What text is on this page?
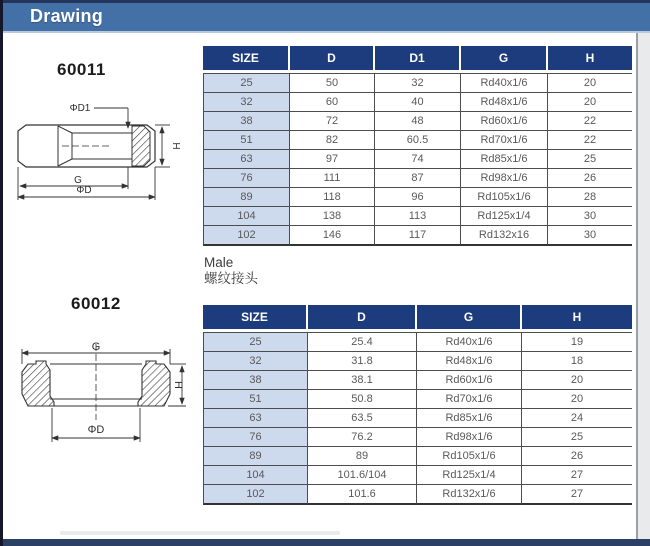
Drawing
60011
ΦD1
H
G
ΦD
SIZE	D	D1	G	H
25	50	32	Rd40x1/6	20
32	60	40	Rd48x1/6	20
38	72	48	Rd60x1/6	22
51	82	60.5	Rd70x1/6	22
63	97	74	Rd85x1/6	25
76	111	87	Rd98x1/6	26
89	118	96	Rd105x1/6	28
104	138	113	Rd125x1/4	30
102	146	117	Rd132x16	30
Male
螺纹接头
60012
G
H
ΦD
SIZE	D	G	H
25	25.4	Rd40x1/6	19
32	31.8	Rd48x1/6	18
38	38.1	Rd60x1/6	20
51	50.8	Rd70x1/6	20
63	63.5	Rd85x1/6	24
76	76.2	Rd98x1/6	25
89	89	Rd105x1/6	26
104	101.6/104	Rd125x1/4	27
102	101.6	Rd132x1/6	27
